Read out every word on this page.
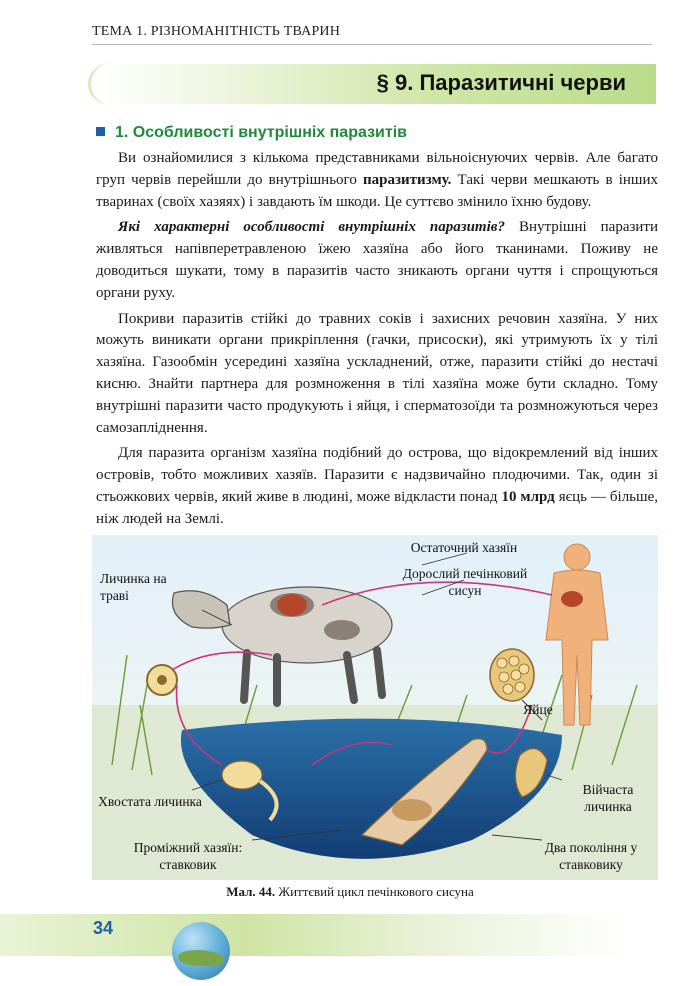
ТЕМА 1. РІЗНОМАНІТНІСТЬ ТВАРИН
§ 9. Паразитичні черви
1. Особливості внутрішніх паразитів

Ви ознайомилися з кількома представниками вільноіснуючих червів. Але багато груп червів перейшли до внутрішнього паразитизму. Такі черви мешкають в інших тваринах (своїх хазяях) і завдають їм шкоди. Це суттєво змінило їхню будову.

Які характерні особливості внутрішніх паразитів? Внутрішні паразити живляться напівперетравленою їжею хазяїна або його тканинами. Поживу не доводиться шукати, тому в паразитів часто зникають органи чуття і спрощуються органи руху.

Покриви паразитів стійкі до травних соків і захисних речовин хазяїна. У них можуть виникати органи прикріплення (гачки, присоски), які утримують їх у тілі хазяїна. Газообмін усередині хазяїна ускладнений, отже, паразити стійкі до нестачі кисню. Знайти партнера для розмноження в тілі хазяїна може бути складно. Тому внутрішні паразити часто продукують і яйця, і сперматозоїди та розмножуються через самозапліднення.

Для паразита організм хазяїна подібний до острова, що відокремлений від інших островів, тобто можливих хазяїв. Паразити є надзвичайно плодючими. Так, один зі стьожкових червів, який живе в людині, може відкласти понад 10 млрд яєць — більше, ніж людей на Землі.

Личинка на траві
Остаточний хазяїн
Дорослий печінковий сисун
Яйце
Хвостата личинка
Війчаста личинка
Проміжний хазяїн: ставковик
Два покоління у ставковику
Мал. 44. Життєвий цикл печінкового сисуна
34
